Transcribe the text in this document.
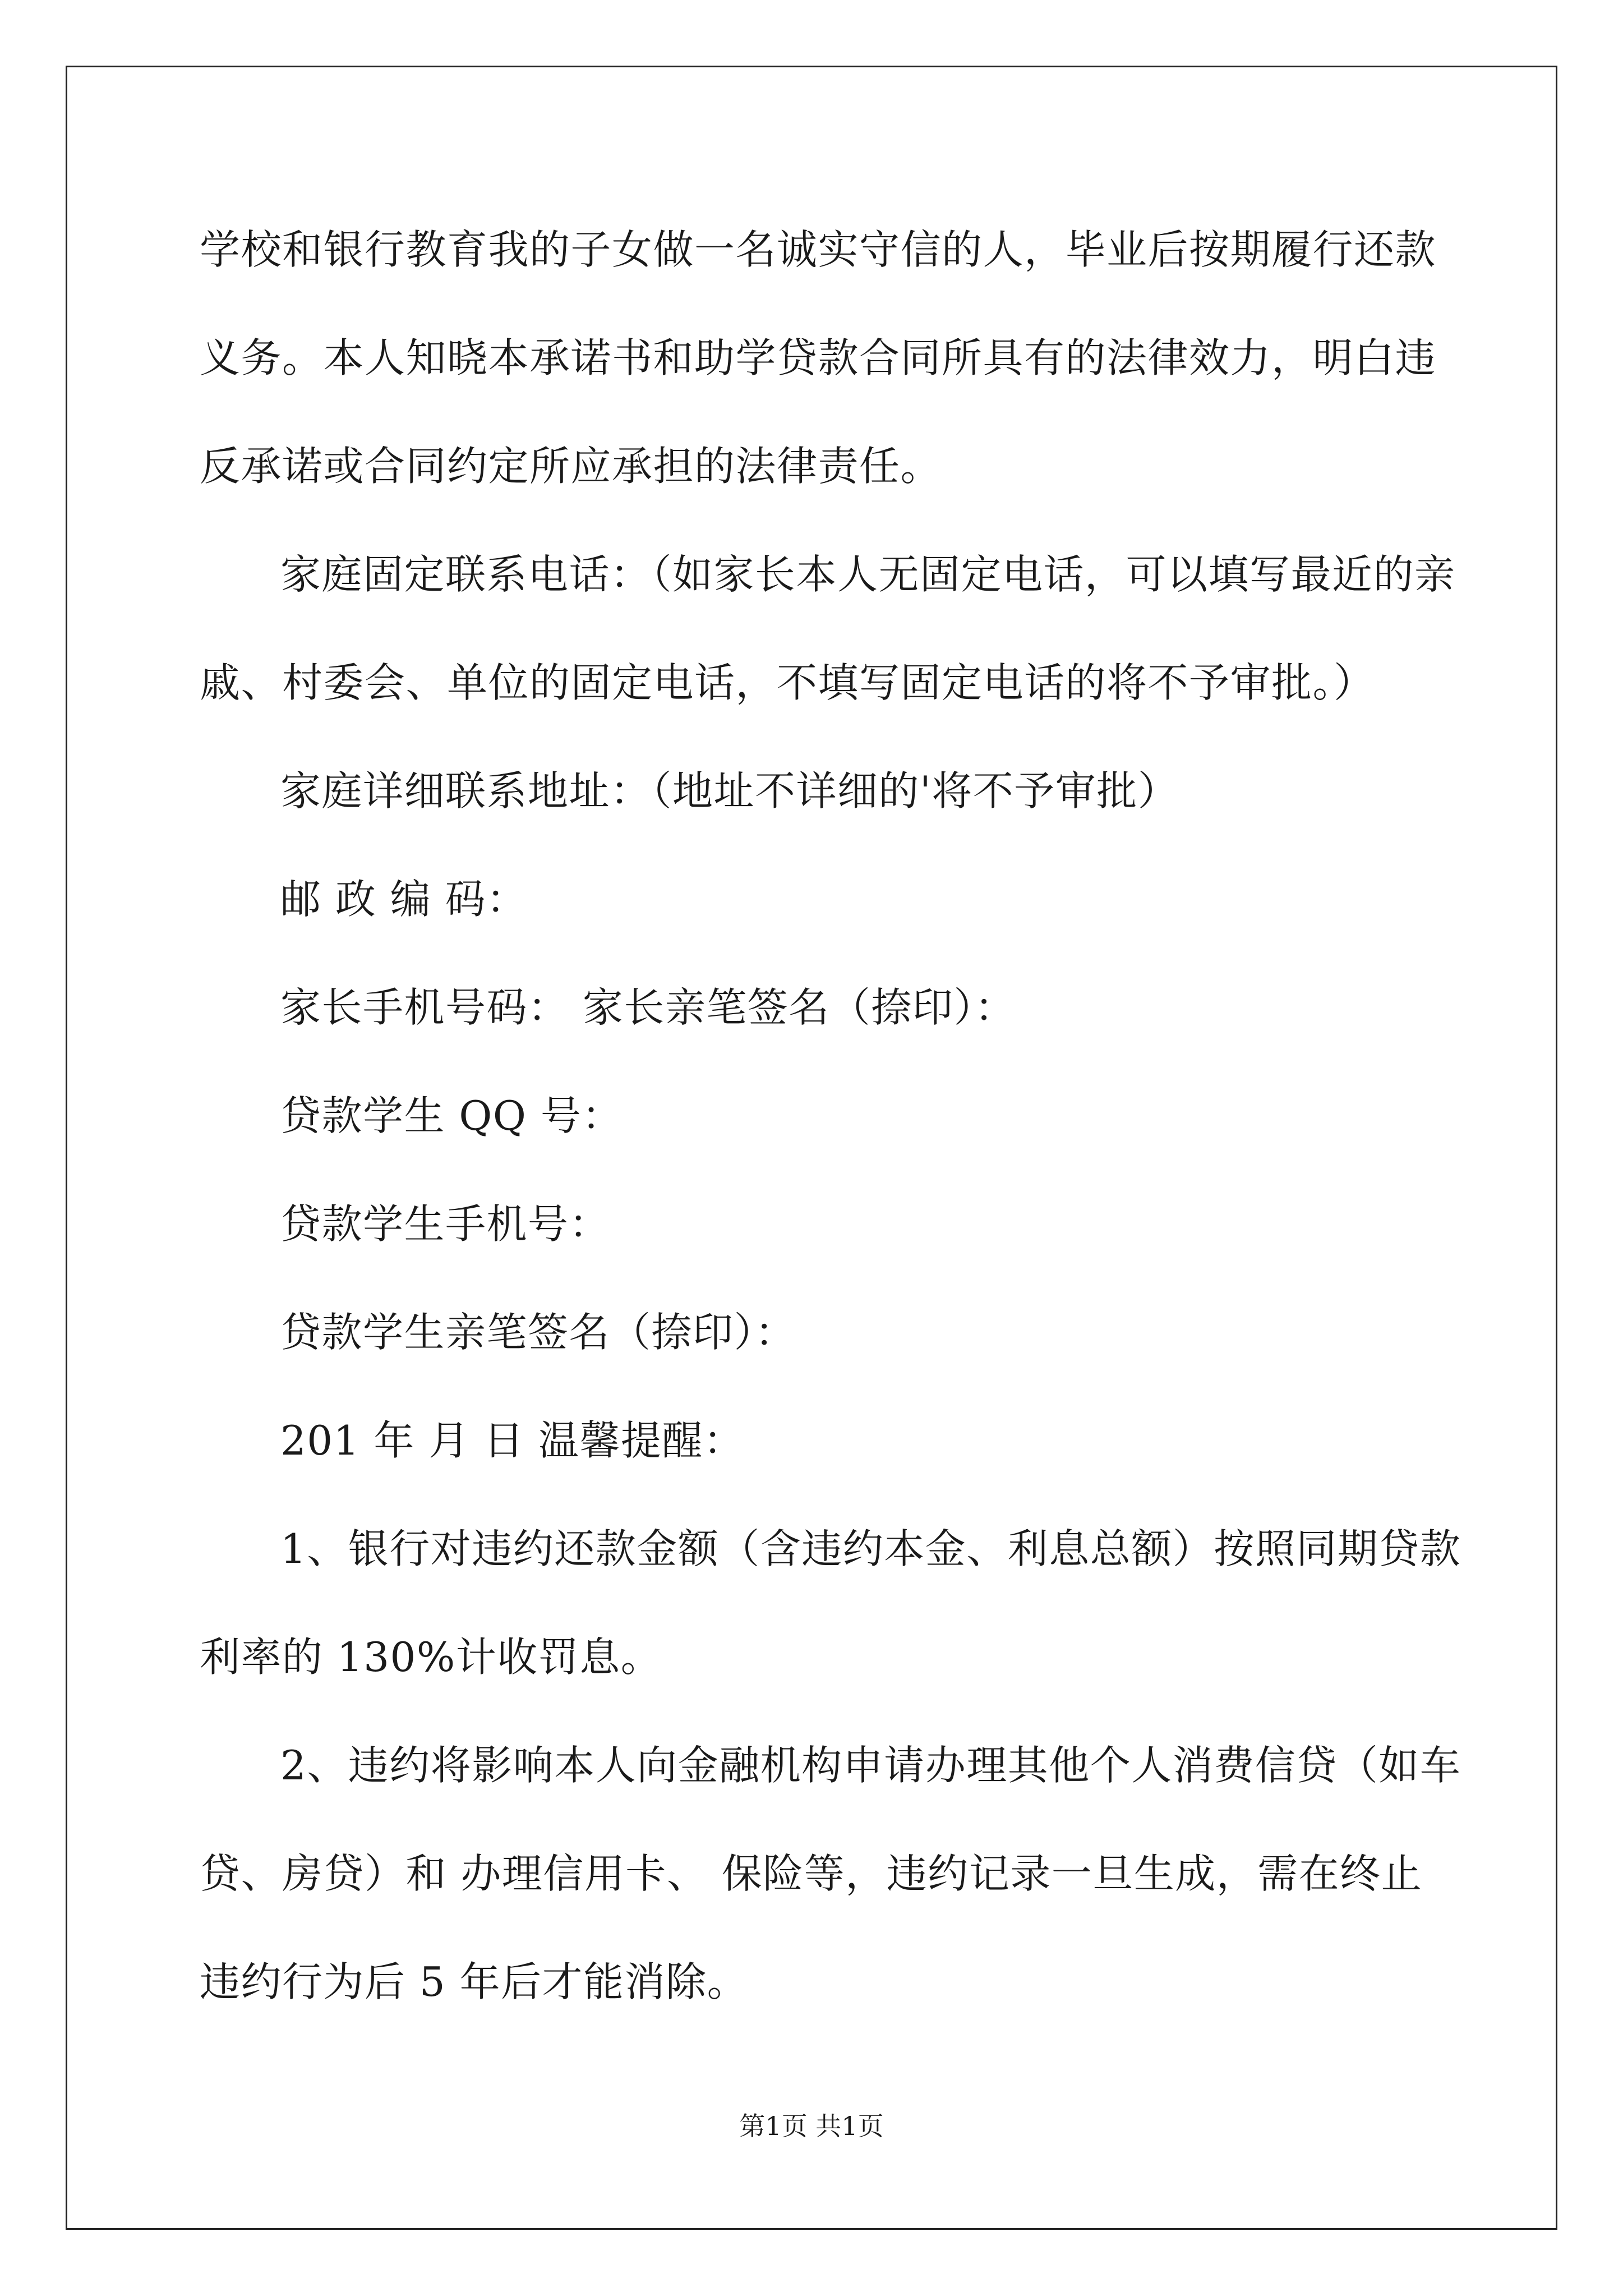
学校和银行教育我的子女做一名诚实守信的人，毕业后按期履行还款
义务。本人知晓本承诺书和助学贷款合同所具有的法律效力，明白违
反承诺或合同约定所应承担的法律责任。
家庭固定联系电话：（如家长本人无固定电话，可以填写最近的亲
戚、村委会、单位的固定电话，不填写固定电话的将不予审批。）
家庭详细联系地址：（地址不详细的'将不予审批）
邮 政 编 码：
家长手机号码： 家长亲笔签名（捺印）：
贷款学生 QQ 号：
贷款学生手机号：
贷款学生亲笔签名（捺印）：
201 年 月 日 温馨提醒：
1、银行对违约还款金额（含违约本金、利息总额）按照同期贷款
利率的 130%计收罚息。
2、违约将影响本人向金融机构申请办理其他个人消费信贷（如车
贷、房贷）和 办理信用卡、 保险等，违约记录一旦生成，需在终止
违约行为后 5 年后才能消除。
第1页 共1页
